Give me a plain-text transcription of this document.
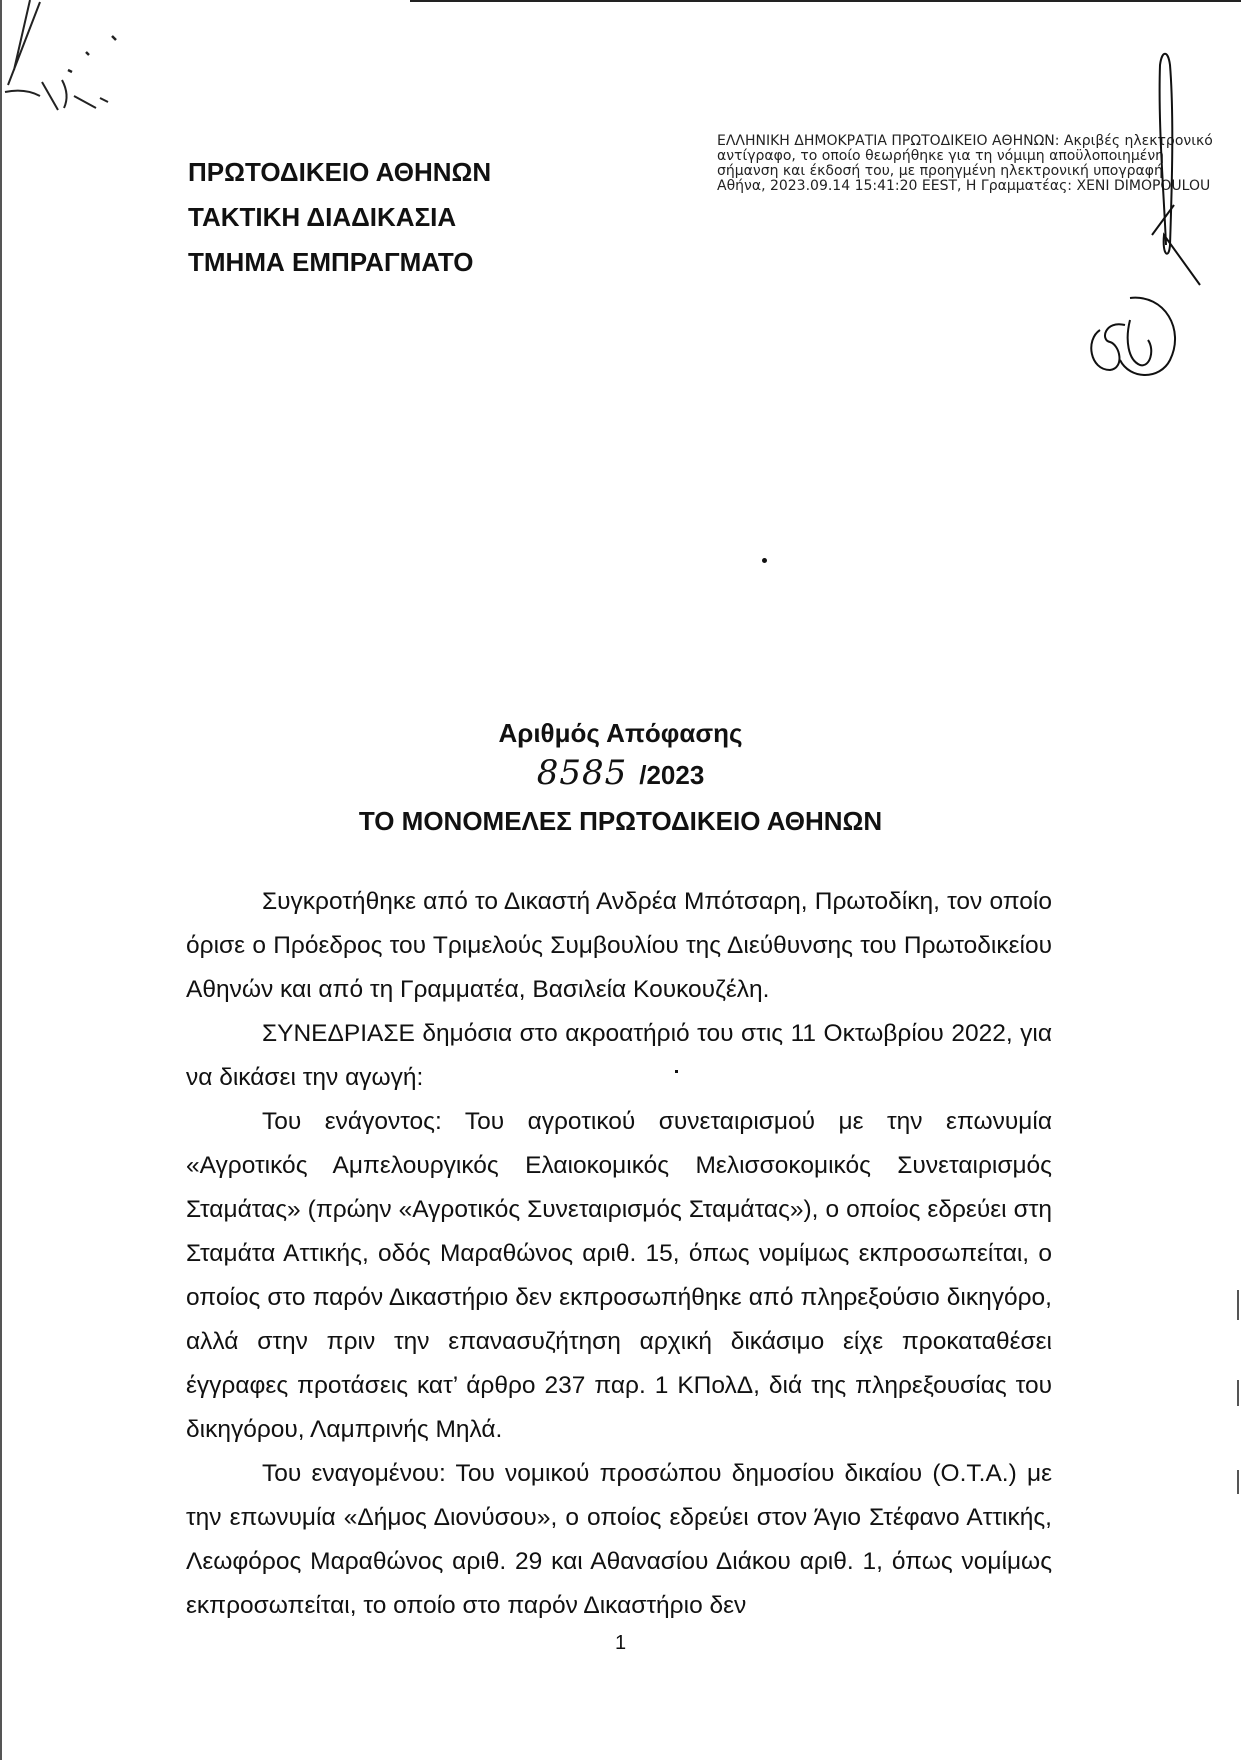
ΠΡΩΤΟΔΙΚΕΙΟ ΑΘΗΝΩΝ
ΤΑΚΤΙΚΗ ΔΙΑΔΙΚΑΣΙΑ
ΤΜΗΜΑ ΕΜΠΡΑΓΜΑΤΟ
ΕΛΛΗΝΙΚΗ ΔΗΜΟΚΡΑΤΙΑ ΠΡΩΤΟΔΙΚΕΙΟ ΑΘΗΝΩΝ: Ακριβές ηλεκτρονικό
αντίγραφο, το οποίο θεωρήθηκε για τη νόμιμη αποϋλοποιημένη
σήμανση και έκδοσή του, με προηγμένη ηλεκτρονική υπογραφή
Αθήνα, 2023.09.14 15:41:20 EEST, Η Γραμματέας: XENI DIMOPOULOU
Αριθμός Απόφασης
8585 /2023
ΤΟ ΜΟΝΟΜΕΛΕΣ ΠΡΩΤΟΔΙΚΕΙΟ ΑΘΗΝΩΝ

Συγκροτήθηκε από το Δικαστή Ανδρέα Μπότσαρη, Πρωτοδίκη, τον οποίο όρισε ο Πρόεδρος του Τριμελούς Συμβουλίου της Διεύθυνσης του Πρωτοδικείου Αθηνών και από τη Γραμματέα, Βασιλεία Κουκουζέλη.

ΣΥΝΕΔΡΙΑΣΕ δημόσια στο ακροατήριό του στις 11 Οκτωβρίου 2022, για να δικάσει την αγωγή:

Του ενάγοντος: Του αγροτικού συνεταιρισμού με την επωνυμία «Αγροτικός Αμπελουργικός Ελαιοκομικός Μελισσοκομικός Συνεταιρισμός Σταμάτας» (πρώην «Αγροτικός Συνεταιρισμός Σταμάτας»), ο οποίος εδρεύει στη Σταμάτα Αττικής, οδός Μαραθώνος αριθ. 15, όπως νομίμως εκπροσωπείται, ο οποίος στο παρόν Δικαστήριο δεν εκπροσωπήθηκε από πληρεξούσιο δικηγόρο, αλλά στην πριν την επανασυζήτηση αρχική δικάσιμο είχε προκαταθέσει έγγραφες προτάσεις κατ’ άρθρο 237 παρ. 1 ΚΠολΔ, διά της πληρεξουσίας του δικηγόρου, Λαμπρινής Μηλά.

Του εναγομένου: Του νομικού προσώπου δημοσίου δικαίου (Ο.Τ.Α.) με την επωνυμία «Δήμος Διονύσου», ο οποίος εδρεύει στον Άγιο Στέφανο Αττικής, Λεωφόρος Μαραθώνος αριθ. 29 και Αθανασίου Διάκου αριθ. 1, όπως νομίμως εκπροσωπείται, το οποίο στο παρόν Δικαστήριο δεν

1
